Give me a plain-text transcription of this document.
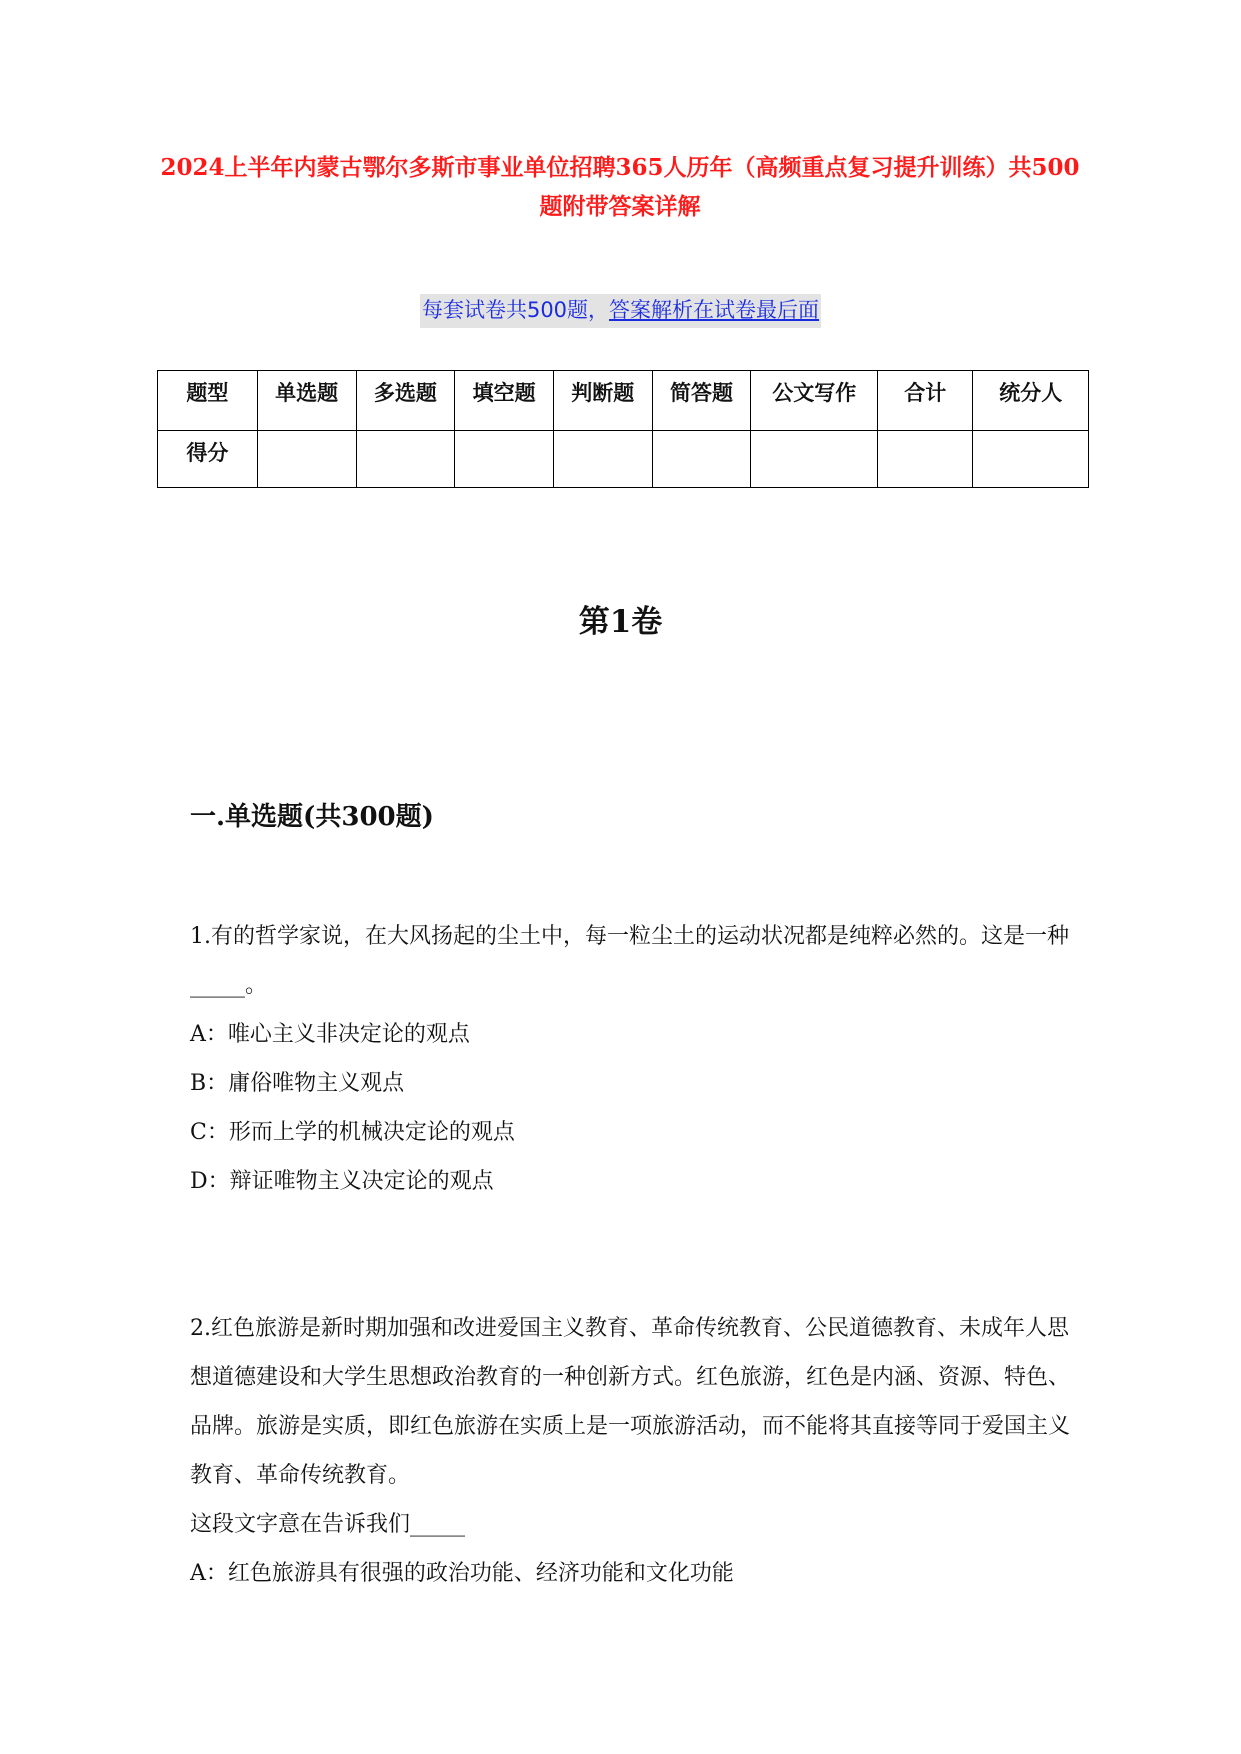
2024上半年内蒙古鄂尔多斯市事业单位招聘365人历年（高频重点复习提升训练）共500题附带答案详解
每套试卷共500题，答案解析在试卷最后面
题型	单选题	多选题	填空题	判断题	简答题	公文写作	合计	统分人
得分								
第1卷
一.单选题(共300题)

1.有的哲学家说，在大风扬起的尘土中，每一粒尘土的运动状况都是纯粹必然的。这是一种_____。

A：唯心主义非决定论的观点

B：庸俗唯物主义观点

C：形而上学的机械决定论的观点

D：辩证唯物主义决定论的观点

2.红色旅游是新时期加强和改进爱国主义教育、革命传统教育、公民道德教育、未成年人思想道德建设和大学生思想政治教育的一种创新方式。红色旅游，红色是内涵、资源、特色、品牌。旅游是实质，即红色旅游在实质上是一项旅游活动，而不能将其直接等同于爱国主义教育、革命传统教育。

这段文字意在告诉我们_____

A：红色旅游具有很强的政治功能、经济功能和文化功能
